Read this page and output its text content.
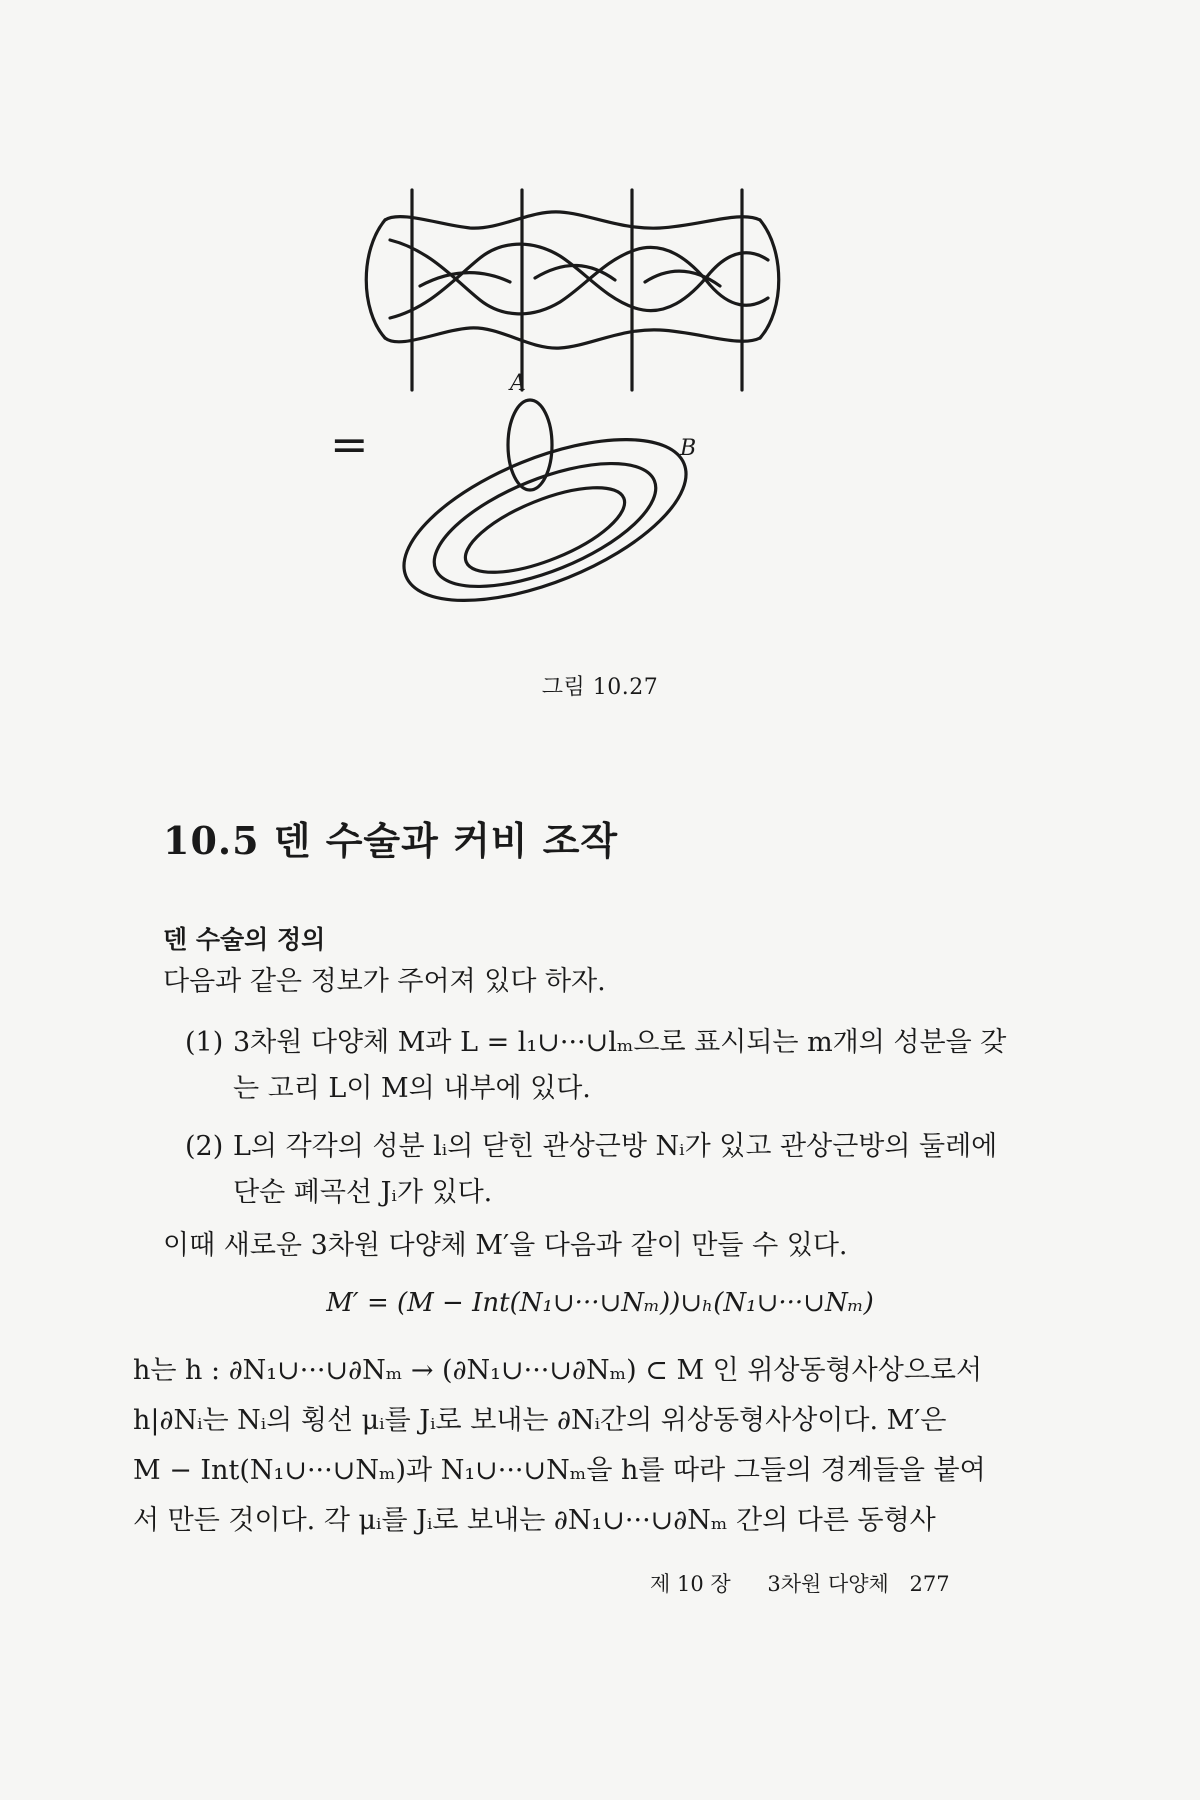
A
B
=
그림 10.27
10.5 덴 수술과 커비 조작
덴 수술의 정의

다음과 같은 정보가 주어져 있다 하자.

(1) 3차원 다양체 M과 L = l₁∪···∪lₘ으로 표시되는 m개의 성분을 갖는 고리 L이 M의 내부에 있다.
(2) L의 각각의 성분 lᵢ의 닫힌 관상근방 Nᵢ가 있고 관상근방의 둘레에 단순 폐곡선 Jᵢ가 있다.

이때 새로운 3차원 다양체 M′을 다음과 같이 만들 수 있다.

M′ = (M − Int(N₁∪···∪Nₘ))∪ₕ(N₁∪···∪Nₘ)

h는 h : ∂N₁∪···∪∂Nₘ → (∂N₁∪···∪∂Nₘ) ⊂ M 인 위상동형사상으로서

h|∂Nᵢ는 Nᵢ의 횡선 μᵢ를 Jᵢ로 보내는 ∂Nᵢ간의 위상동형사상이다. M′은

M − Int(N₁∪···∪Nₘ)과 N₁∪···∪Nₘ을 h를 따라 그들의 경계들을 붙여

서 만든 것이다. 각 μᵢ를 Jᵢ로 보내는 ∂N₁∪···∪∂Nₘ 간의 다른 동형사

제 10 장 3차원 다양체 277
